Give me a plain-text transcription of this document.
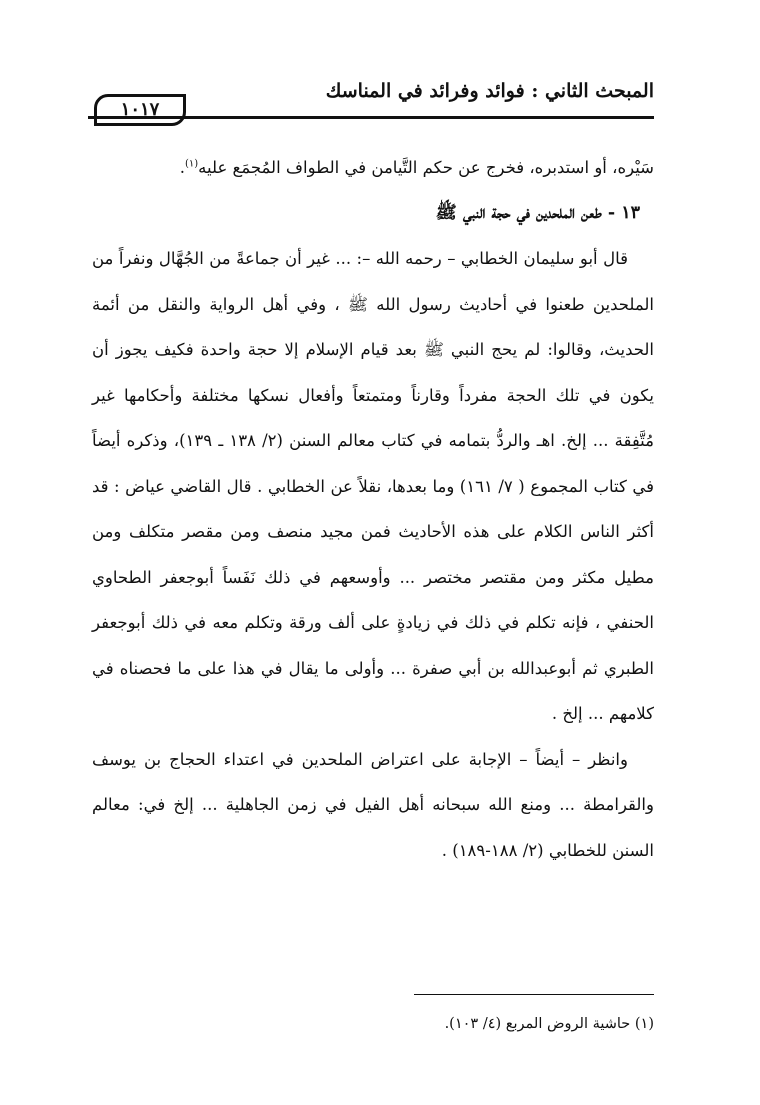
المبحث الثاني : فوائد وفرائد في المناسك
١٠١٧

سَيْره، أو استدبره، فخرج عن حكم التَّيامن في الطواف المُجمَع عليه$^{(١)}$.

١٣ - طعن الملحدين في حجة النبي ﷺ

قال أبو سليمان الخطابي – رحمه الله –: ... غير أن جماعةً من الجُهَّال ونفراً من الملحدين طعنوا في أحاديث رسول الله ﷺ ، وفي أهل الرواية والنقل من أئمة الحديث، وقالوا: لم يحج النبي ﷺ بعد قيام الإسلام إلا حجة واحدة فكيف يجوز أن يكون في تلك الحجة مفرداً وقارناً ومتمتعاً وأفعال نسكها مختلفة وأحكامها غير مُتَّفِقة ... إلخ. اهـ والردُّ بتمامه في كتاب معالم السنن (٢/ ١٣٨ ـ ١٣٩)، وذكره أيضاً في كتاب المجموع ( ٧/ ١٦١) وما بعدها، نقلاً عن الخطابي . قال القاضي عياض : قد أكثر الناس الكلام على هذه الأحاديث فمن مجيد منصف ومن مقصر متكلف ومن مطيل مكثر ومن مقتصر مختصر ... وأوسعهم في ذلك نَفَساً أبوجعفر الطحاوي الحنفي ، فإنه تكلم في ذلك في زيادةٍ على ألف ورقة وتكلم معه في ذلك أبوجعفر الطبري ثم أبوعبدالله بن أبي صفرة ... وأولى ما يقال في هذا على ما فحصناه في كلامهم ... إلخ .

وانظر – أيضاً – الإجابة على اعتراض الملحدين في اعتداء الحجاج بن يوسف والقرامطة ... ومنع الله سبحانه أهل الفيل في زمن الجاهلية ... إلخ في: معالم السنن للخطابي (٢/ ١٨٨-١٨٩) .

(١) حاشية الروض المربع (٤/ ١٠٣).
